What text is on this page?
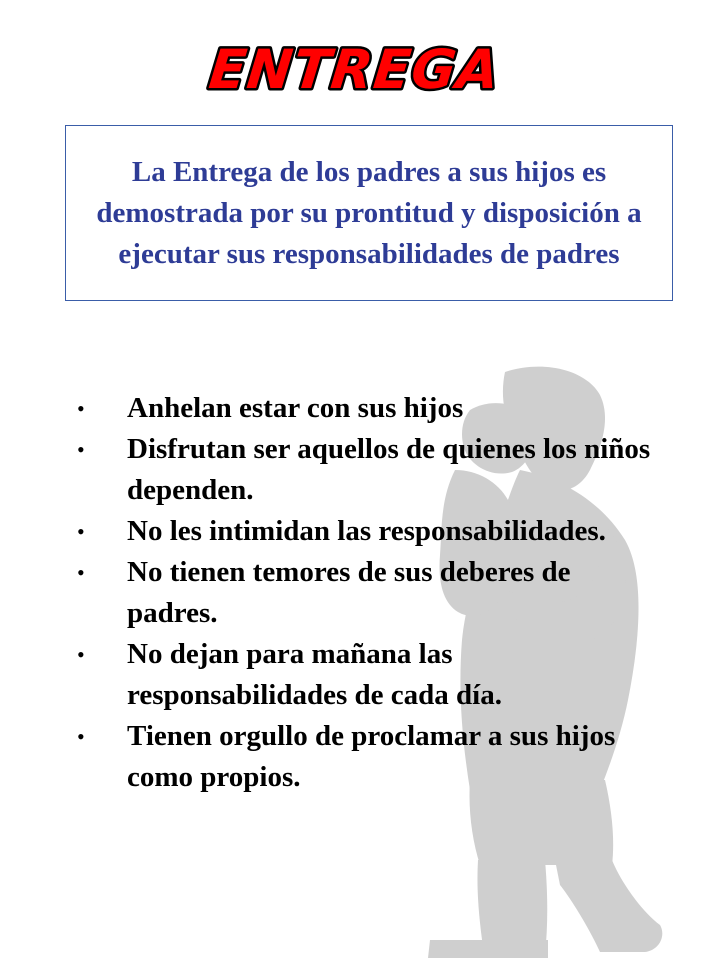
ENTREGA

La Entrega de los padres a sus hijos es demostrada por su prontitud y disposición a ejecutar sus responsabilidades de padres

•	Anhelan estar con sus hijos
•	Disfrutan ser aquellos de quienes los niños dependen.
•	No les intimidan las responsabilidades.
•	No tienen temores de sus deberes de padres.
•	No dejan para mañana las responsabilidades de cada día.
•	Tienen orgullo de proclamar a sus hijos como propios.
